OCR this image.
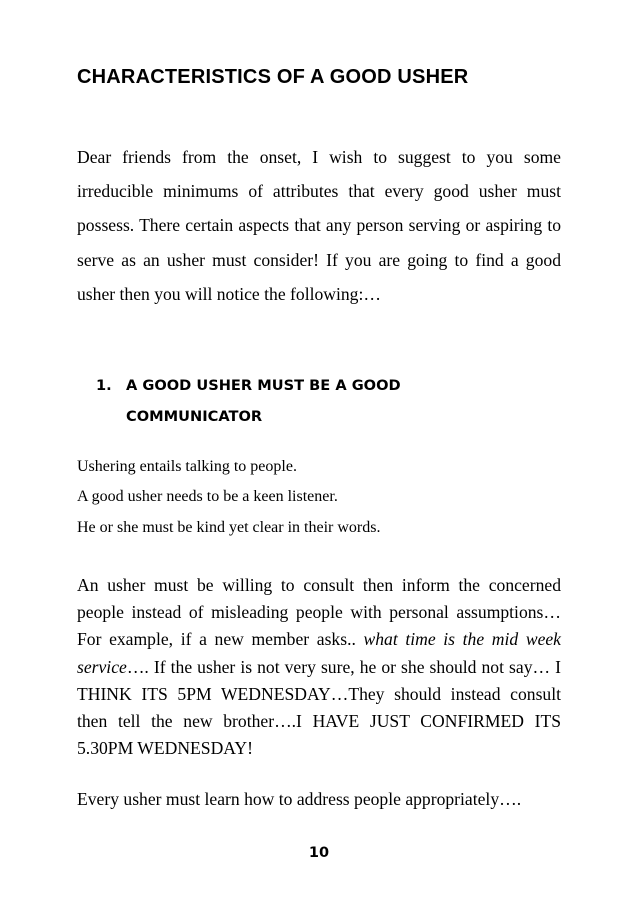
CHARACTERISTICS OF A GOOD USHER

Dear friends from the onset, I wish to suggest to you some irreducible minimums of attributes that every good usher must possess. There certain aspects that any person serving or aspiring to serve as an usher must consider! If you are going to find a good usher then you will notice the following:…

1. A GOOD USHER MUST BE A GOOD COMMUNICATOR
Ushering entails talking to people.
A good usher needs to be a keen listener.
He or she must be kind yet clear in their words.

An usher must be willing to consult then inform the concerned people instead of misleading people with personal assumptions… For example, if a new member asks.. what time is the mid week service…. If the usher is not very sure, he or she should not say… I THINK ITS 5PM WEDNESDAY…They should instead consult then tell the new brother….I HAVE JUST CONFIRMED ITS 5.30PM WEDNESDAY!

Every usher must learn how to address people appropriately….

10
